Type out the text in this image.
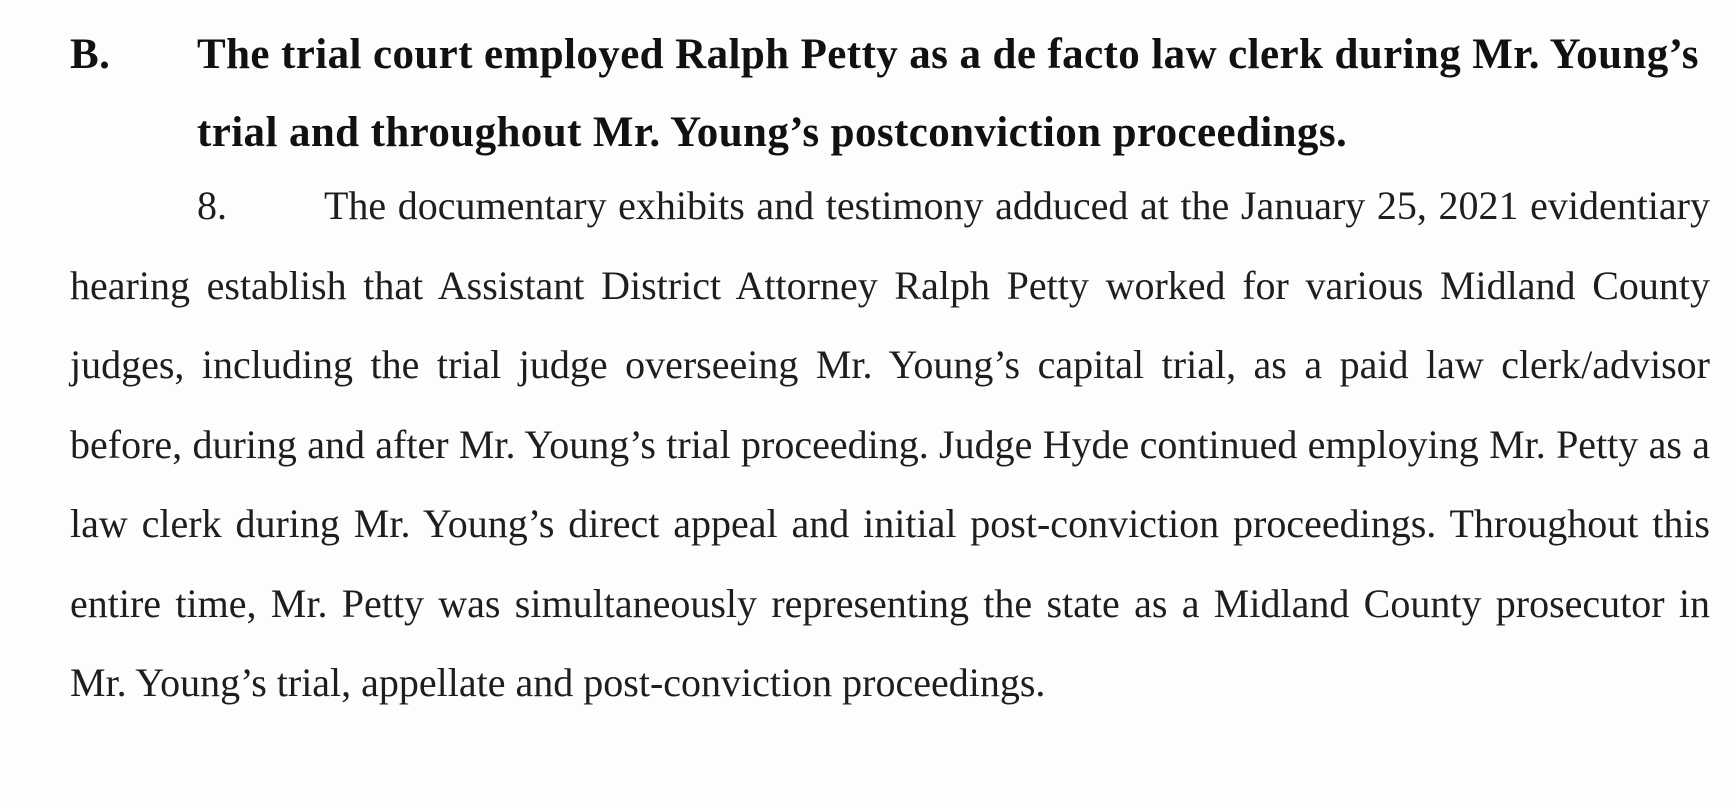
B. The trial court employed Ralph Petty as a de facto law clerk during Mr. Young’s trial and throughout Mr. Young’s postconviction proceedings.
8. The documentary exhibits and testimony adduced at the January 25, 2021 evidentiary hearing establish that Assistant District Attorney Ralph Petty worked for various Midland County judges, including the trial judge overseeing Mr. Young’s capital trial, as a paid law clerk/advisor before, during and after Mr. Young’s trial proceeding. Judge Hyde continued employing Mr. Petty as a law clerk during Mr. Young’s direct appeal and initial post-conviction proceedings. Throughout this entire time, Mr. Petty was simultaneously representing the state as a Midland County prosecutor in Mr. Young’s trial, appellate and post-conviction proceedings.
